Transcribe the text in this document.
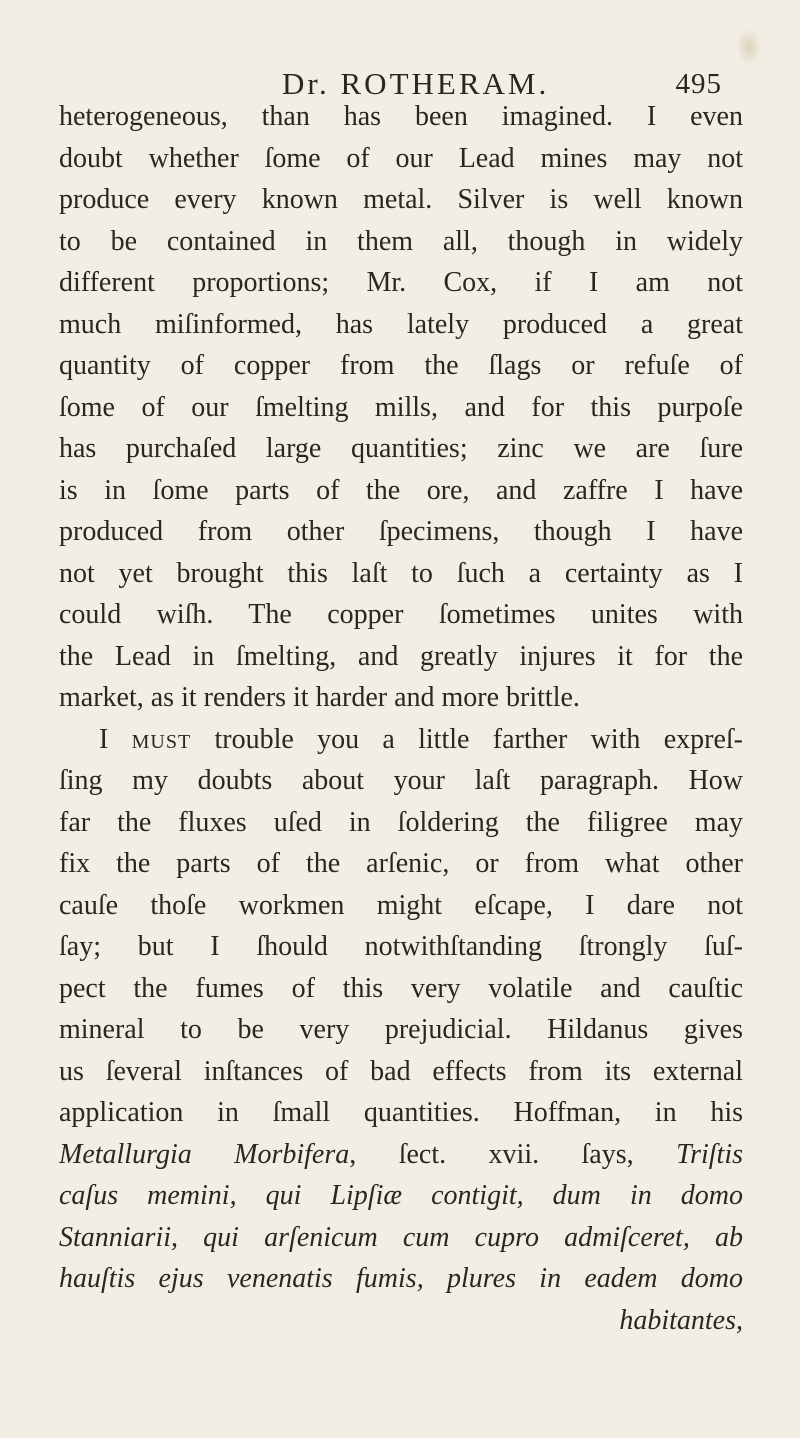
Dr. ROTHERAM.	495
heterogeneous, than has been imagined. I even
doubt whether ſome of our Lead mines may not
produce every known metal. Silver is well known
to be contained in them all, though in widely
different proportions; Mr. Cox, if I am not
much miſinformed, has lately produced a great
quantity of copper from the ſlags or refuſe of
ſome of our ſmelting mills, and for this purpoſe
has purchaſed large quantities; zinc we are ſure
is in ſome parts of the ore, and zaffre I have
produced from other ſpecimens, though I have
not yet brought this laſt to ſuch a certainty as I
could wiſh. The copper ſometimes unites with
the Lead in ſmelting, and greatly injures it for the
market, as it renders it harder and more brittle.
I must trouble you a little farther with expreſ-
ſing my doubts about your laſt paragraph. How
far the fluxes uſed in ſoldering the filigree may
fix the parts of the arſenic, or from what other
cauſe thoſe workmen might eſcape, I dare not
ſay; but I ſhould notwithſtanding ſtrongly ſuſ-
pect the fumes of this very volatile and cauſtic
mineral to be very prejudicial. Hildanus gives
us ſeveral inſtances of bad effects from its external
application in ſmall quantities. Hoffman, in his
Metallurgia Morbifera, ſect. xvii. ſays, Triſtis
caſus memini, qui Lipſiæ contigit, dum in domo
Stanniarii, qui arſenicum cum cupro admiſceret, ab
hauſtis ejus venenatis fumis, plures in eadem domo
habitantes,
